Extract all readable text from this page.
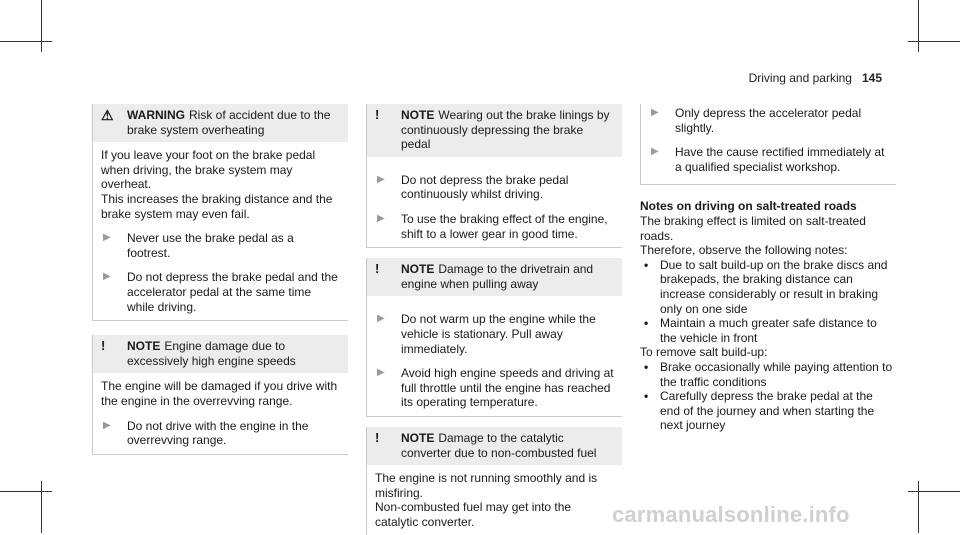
Driving and parking 145
⚠	WARNING Risk of accident due to the brake system overheating
If you leave your foot on the brake pedal when driving, the brake system may overheat.
This increases the braking distance and the brake system may even fail.
▶	Never use the brake pedal as a footrest.
▶	Do not depress the brake pedal and the accelerator pedal at the same time while driving.
!	NOTE Engine damage due to excessively high engine speeds
The engine will be damaged if you drive with the engine in the overrevving range.
▶	Do not drive with the engine in the overrevving range.
!	NOTE Wearing out the brake linings by continuously depressing the brake pedal
▶	Do not depress the brake pedal continuously whilst driving.
▶	To use the braking effect of the engine, shift to a lower gear in good time.
!	NOTE Damage to the drivetrain and engine when pulling away
▶	Do not warm up the engine while the vehicle is stationary. Pull away immediately.
▶	Avoid high engine speeds and driving at full throttle until the engine has reached its operating temperature.
!	NOTE Damage to the catalytic converter due to non-combusted fuel
The engine is not running smoothly and is misfiring.
Non-combusted fuel may get into the catalytic converter.
▶	Only depress the accelerator pedal slightly.
▶	Have the cause rectified immediately at a qualified specialist workshop.
Notes on driving on salt-treated roads
The braking effect is limited on salt-treated roads.
Therefore, observe the following notes:
• Due to salt build-up on the brake discs and brakepads, the braking distance can increase considerably or result in braking only on one side
• Maintain a much greater safe distance to the vehicle in front
To remove salt build-up:
• Brake occasionally while paying attention to the traffic conditions
• Carefully depress the brake pedal at the end of the journey and when starting the next journey
carmanualsonline.info
